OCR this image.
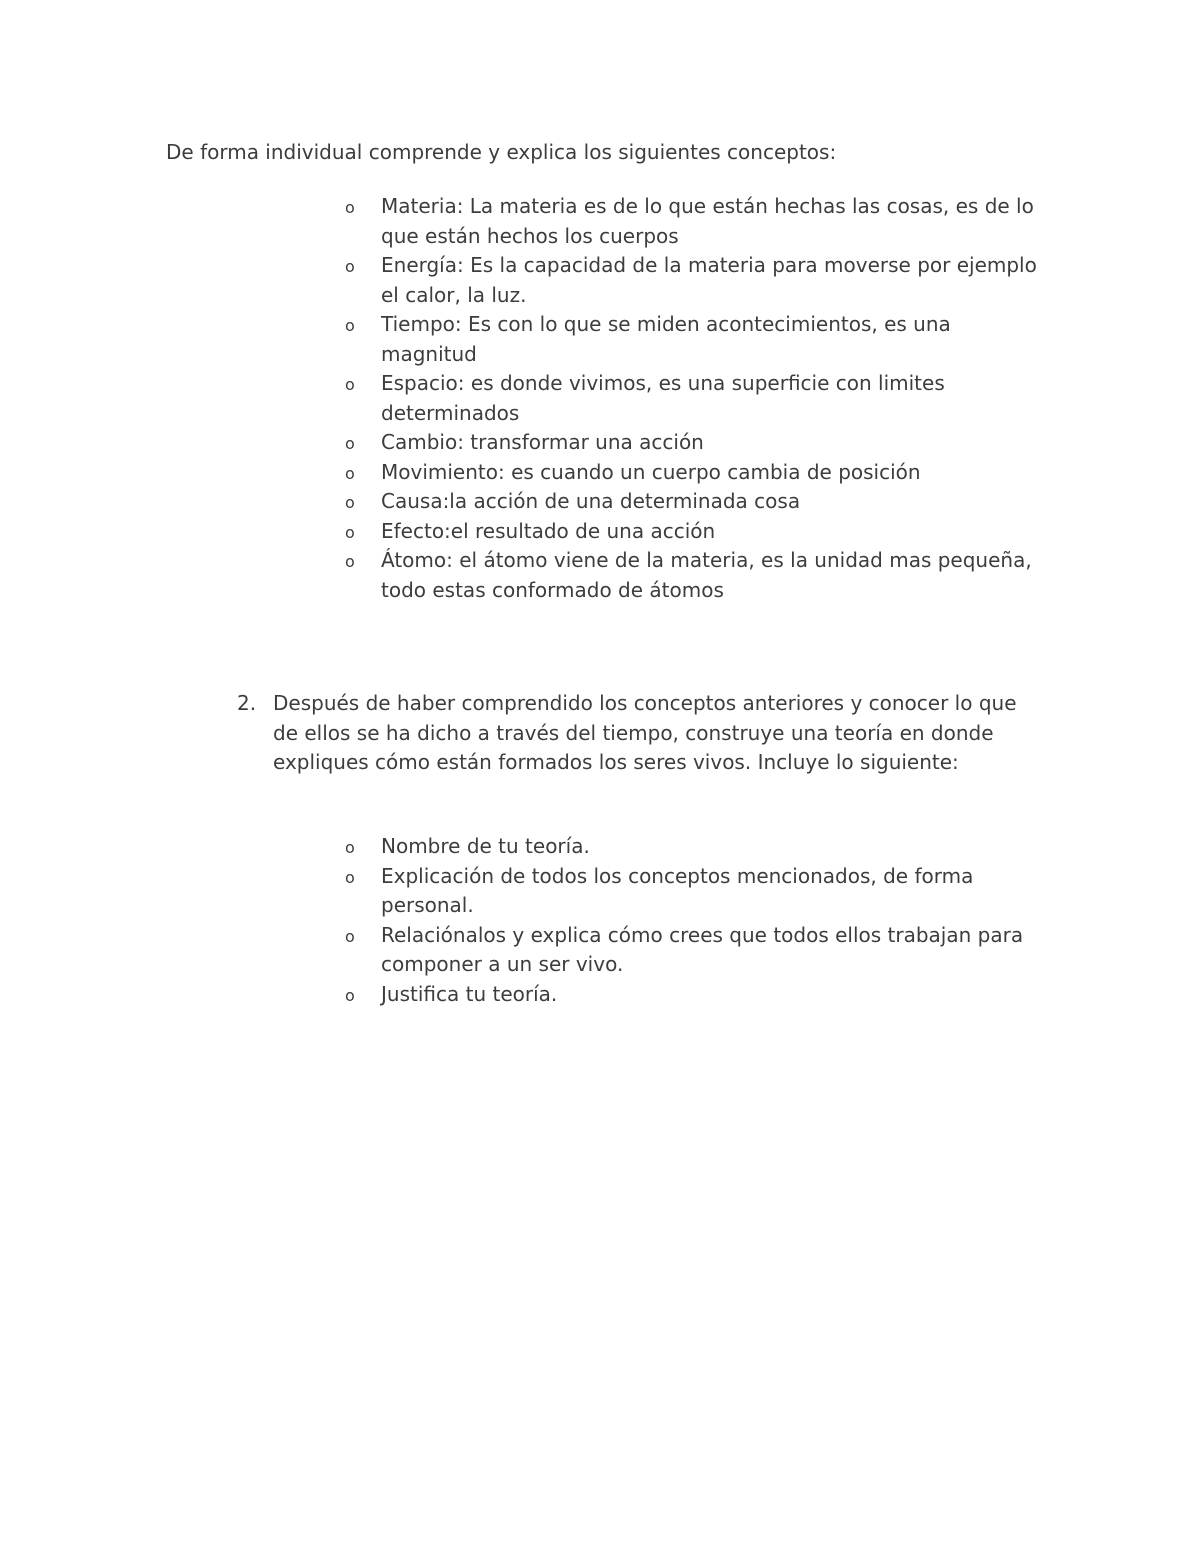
De forma individual comprende y explica los siguientes conceptos:

o Materia: La materia es de lo que están hechas las cosas, es de lo que están hechos los cuerpos
o Energía: Es la capacidad de la materia para moverse por ejemplo el calor, la luz.
o Tiempo: Es con lo que se miden acontecimientos, es una magnitud
o Espacio: es donde vivimos, es una superficie con limites determinados
o Cambio: transformar una acción
o Movimiento: es cuando un cuerpo cambia de posición
o Causa:la acción de una determinada cosa
o Efecto:el resultado de una acción
o Átomo: el átomo viene de la materia, es la unidad mas pequeña, todo estas conformado de átomos
2. Después de haber comprendido los conceptos anteriores y conocer lo que de ellos se ha dicho a través del tiempo, construye una teoría en donde expliques cómo están formados los seres vivos. Incluye lo siguiente:
o Nombre de tu teoría.
o Explicación de todos los conceptos mencionados, de forma personal.
o Relaciónalos y explica cómo crees que todos ellos trabajan para componer a un ser vivo.
o Justifica tu teoría.
